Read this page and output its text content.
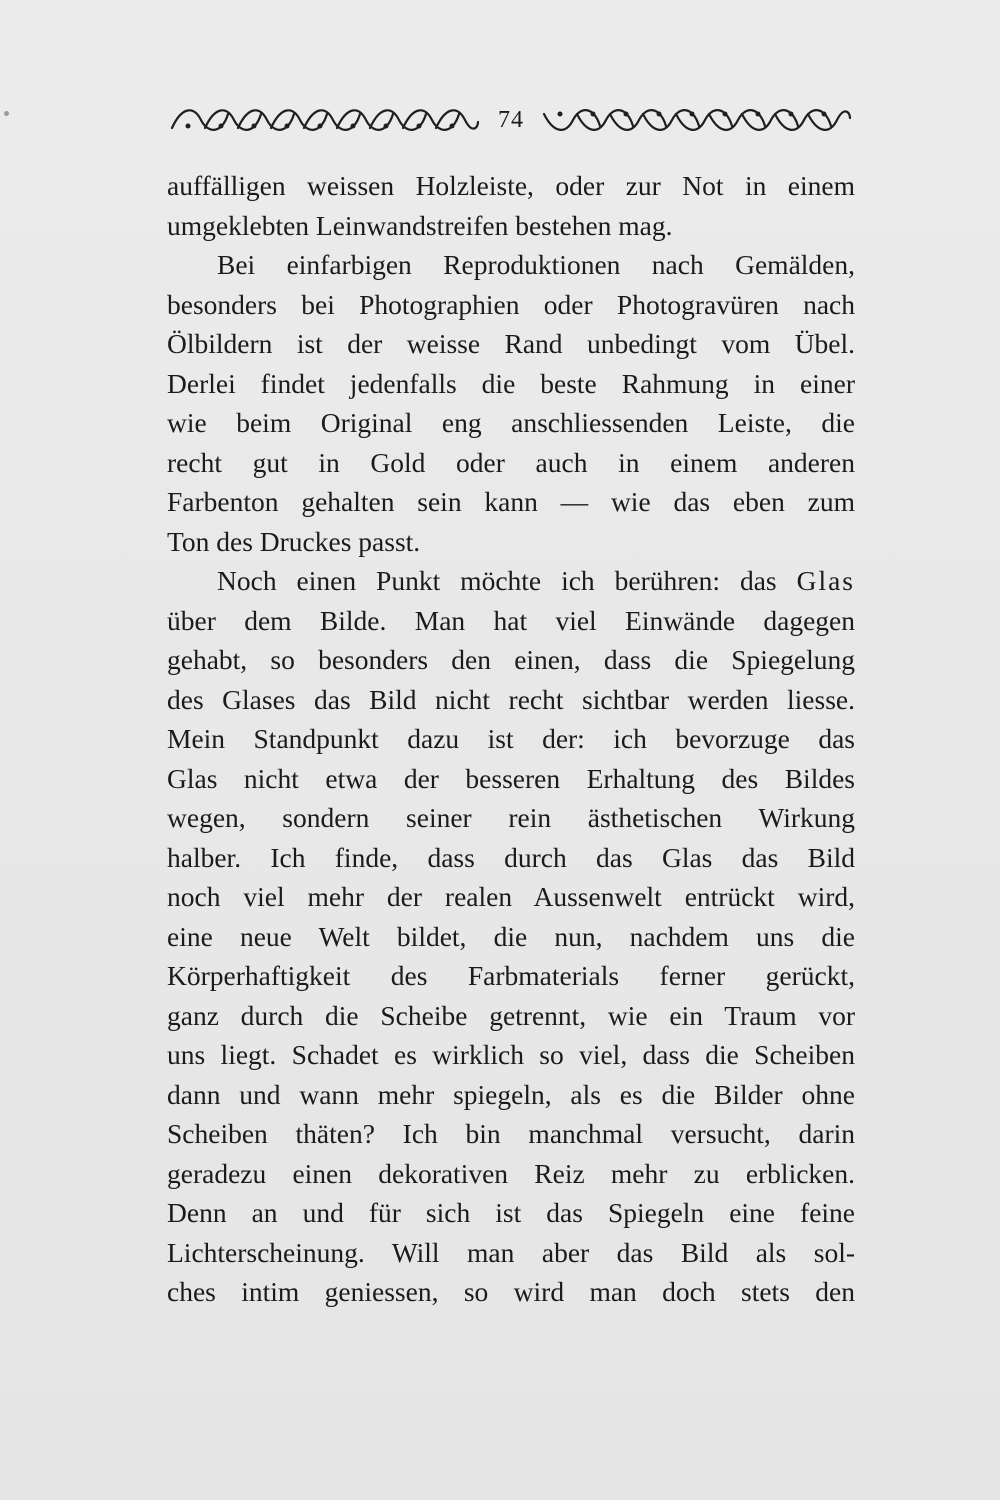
74
auffälligen weissen Holzleiste, oder zur Not in einem
umgeklebten Leinwandstreifen bestehen mag.
Bei einfarbigen Reproduktionen nach Gemälden,
besonders bei Photographien oder Photogravüren nach
Ölbildern ist der weisse Rand unbedingt vom Übel.
Derlei findet jedenfalls die beste Rahmung in einer
wie beim Original eng anschliessenden Leiste, die
recht gut in Gold oder auch in einem anderen
Farbenton gehalten sein kann — wie das eben zum
Ton des Druckes passt.
Noch einen Punkt möchte ich berühren: das Glas
über dem Bilde. Man hat viel Einwände dagegen
gehabt, so besonders den einen, dass die Spiegelung
des Glases das Bild nicht recht sichtbar werden liesse.
Mein Standpunkt dazu ist der: ich bevorzuge das
Glas nicht etwa der besseren Erhaltung des Bildes
wegen, sondern seiner rein ästhetischen Wirkung
halber. Ich finde, dass durch das Glas das Bild
noch viel mehr der realen Aussenwelt entrückt wird,
eine neue Welt bildet, die nun, nachdem uns die
Körperhaftigkeit des Farbmaterials ferner gerückt,
ganz durch die Scheibe getrennt, wie ein Traum vor
uns liegt. Schadet es wirklich so viel, dass die Scheiben
dann und wann mehr spiegeln, als es die Bilder ohne
Scheiben thäten? Ich bin manchmal versucht, darin
geradezu einen dekorativen Reiz mehr zu erblicken.
Denn an und für sich ist das Spiegeln eine feine
Lichterscheinung. Will man aber das Bild als sol-
ches intim geniessen, so wird man doch stets den
